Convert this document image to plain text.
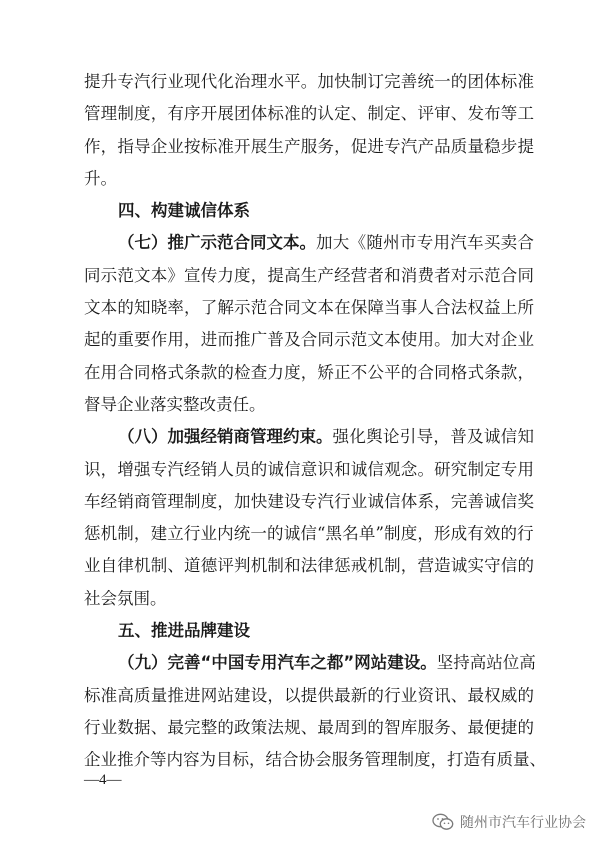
提 升 专 汽 行 业 现 代 化 治 理 水 平 。 加 快 制 订 完 善 统 一 的 团 体 标 准
管 理 制 度 ， 有 序 开 展 团 体 标 准 的 认 定 、 制 定 、 评 审 、 发 布 等 工
作 ， 指 导 企 业 按 标 准 开 展 生 产 服 务 ， 促 进 专 汽 产 品 质 量 稳 步 提
升。
四、构建诚信体系
（七）推广示范合同文本。 加 大 《 随 州 市 专 用 汽 车 买 卖 合
同 示 范 文 本 》 宣 传 力 度 ， 提 高 生 产 经 营 者 和 消 费 者 对 示 范 合 同
文 本 的 知 晓 率 ， 了 解 示 范 合 同 文 本 在 保 障 当 事 人 合 法 权 益 上 所
起 的 重 要 作 用 ， 进 而 推 广 普 及 合 同 示 范 文 本 使 用 。 加 大 对 企 业
在 用 合 同 格 式 条 款 的 检 查 力 度 ， 矫 正 不 公 平 的 合 同 格 式 条 款 ，
督导企业落实整改责任。
（八）加强经销商管理约束。 强 化 舆 论 引 导 ， 普 及 诚 信 知
识 ， 增 强 专 汽 经 销 人 员 的 诚 信 意 识 和 诚 信 观 念 。 研 究 制 定 专 用
车 经 销 商 管 理 制 度 ， 加 快 建 设 专 汽 行 业 诚 信 体 系 ， 完 善 诚 信 奖
惩 机 制 ， 建 立 行 业 内 统 一 的 诚 信 “ 黑 名 单 ” 制 度 ， 形 成 有 效 的 行
业 自 律 机 制 、 道 德 评 判 机 制 和 法 律 惩 戒 机 制 ， 营 造 诚 实 守 信 的
社会氛围。
五、推进品牌建设
（九）完善“中国专用汽车之都”网站建设。 坚 持 高 站 位 高
标 准 高 质 量 推 进 网 站 建 设 ， 以 提 供 最 新 的 行 业 资 讯 、 最 权 威 的
行 业 数 据 、 最 完 整 的 政 策 法 规 、 最 周 到 的 智 库 服 务 、 最 便 捷 的
企 业 推 介 等 内 容 为 目 标 ， 结 合 协 会 服 务 管 理 制 度 ， 打 造 有 质 量 、
—4—
随州市汽车行业协会
